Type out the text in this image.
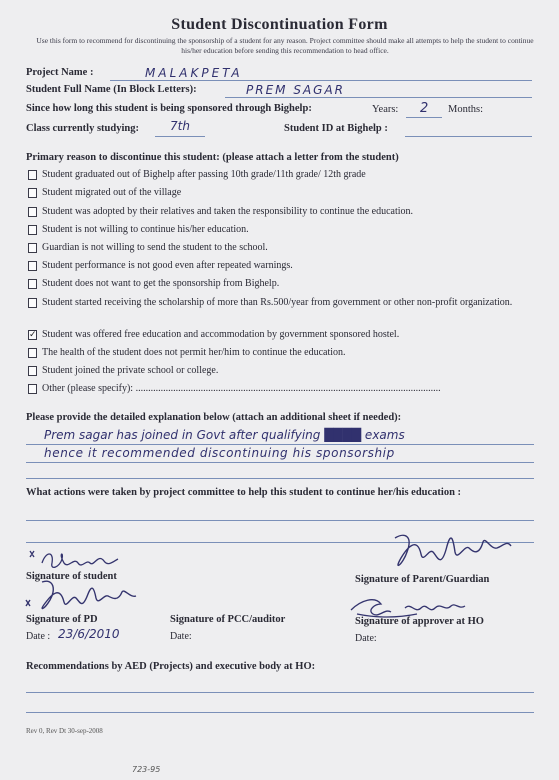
Student Discontinuation Form
Use this form to recommend for discontinuing the sponsorship of a student for any reason. Project committee should make all attempts to help the student to continue his/her education before sending this recommendation to head office.
Project Name :	MALAKPETA
Student Full Name (In Block Letters):	PREM SAGAR
Since how long this student is being sponsored through Bighelp:	Years: 2 Months:
Class currently studying:	7th	Student ID at Bighelp :
Primary reason to discontinue this student: (please attach a letter from the student)
Student graduated out of Bighelp after passing 10th grade/11th grade/ 12th grade
Student migrated out of the village
Student was adopted by their relatives and taken the responsibility to continue the education.
Student is not willing to continue his/her education.
Guardian is not willing to send the student to the school.
Student performance is not good even after repeated warnings.
Student does not want to get the sponsorship from Bighelp.
Student started receiving the scholarship of more than Rs.500/year from government or other non-profit organization.
✓
Student was offered free education and accommodation by government sponsored hostel.
The health of the student does not permit her/him to continue the education.
Student joined the private school or college.
Other (please specify): ..........................................................................................................................
Please provide the detailed explanation below (attach an additional sheet if needed):
Prem sagar has joined in Govt after qualifying ████ exams
hence it recommended discontinuing his sponsorship
What actions were taken by project committee to help this student to continue her/his education :
Signature of student	Signature of Parent/Guardian
Signature of PD	Signature of PCC/auditor	Signature of approver at HO
Date : 23/6/2010	Date:	Date:
Recommendations by AED (Projects) and executive body at HO:
Rev 0, Rev Dt 30-sep-2008
723-95
